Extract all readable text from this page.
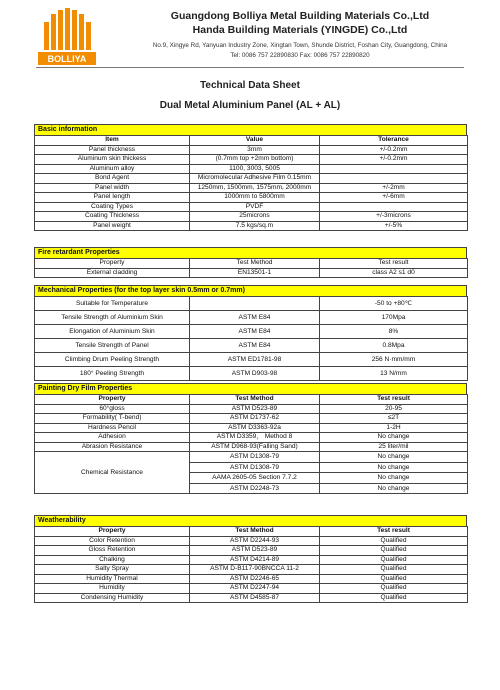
BOLLIYA
Guangdong Bolliya Metal Building Materials Co.,Ltd
Handa Building Materials (YINGDE) Co.,Ltd
No.9, Xingye Rd, Yanyuan Industry Zone, Xingtan Town, Shunde District, Foshan City, Guangdong, China
Tel: 0086 757 22890830 Fax: 0086 757 22890820
Technical Data Sheet
Dual Metal Aluminium Panel (AL + AL)
Basic information
Item	Value	Tolerance
Panel thickness	3mm	+/-0.2mm
Aluminum skin thickess	(0.7mm top +2mm bottom)	+/-0.2mm
Aluminum alloy	1100, 3003, 5005	
Bond Agent	Micromolecular Adhesive Film 0.15mm	
Panel width	1250mm, 1500mm, 1575mm, 2000mm	+/-2mm
Panel length	1000mm to 5800mm	+/-6mm
Coating Types	PVDF	
Coating Thickness	25microns	+/-3microns
Panel weight	7.5 kgs/sq.m	+/-5%
Fire retardant Properties
Property	Test Method	Test result
External cladding	EN13501-1	class A2 s1 d0
Mechanical Properties (for the top layer skin 0.5mm or 0.7mm)
Suitable for Temperature		-50 to +80℃
Tensile Strength of Aluminium Skin	ASTM E84	170Mpa
Elongation of Aluminium Skin	ASTM E84	8%
Tensile Strength of Panel	ASTM E84	0.8Mpa
Climbing Drum Peeling Strength	ASTM ED1781-98	256 N·mm/mm
180° Peeling Strength	ASTM D903-98	13 N/mm
Painting Dry Film Properties
Property	Test Method	Test result
60°gloss	ASTM D523-89	20-95
Formability( T-bend)	ASTM D1737-62	≤2T
Hardness Pencil	ASTM D3363-92a	1-2H
Adhesion	ASTM D3359， Method 8	No change
Abrasion Resistance	ASTM D968-93(Falling Sand)	25 liter/mil
Chemical Resistance	ASTM D1308-79	No change
	ASTM D1308-79	No change
	AAMA 2605-05 Section 7.7.2	No change
	ASTM D2248-73	No change
Weatherability
Property	Test Method	Test result
Color Retention	ASTM D2244-93	Qualified
Gloss Retention	ASTM D523-89	Qualified
Chalking	ASTM D4214-89	Qualified
Salty Spray	ASTM D-B117-90BNCCA 11-2	Qualified
Humidity Thermal	ASTM D2246-65	Qualified
Humidity	ASTM D2247-94	Qualified
Condensing Humidity	ASTM D4585-87	Qualified
